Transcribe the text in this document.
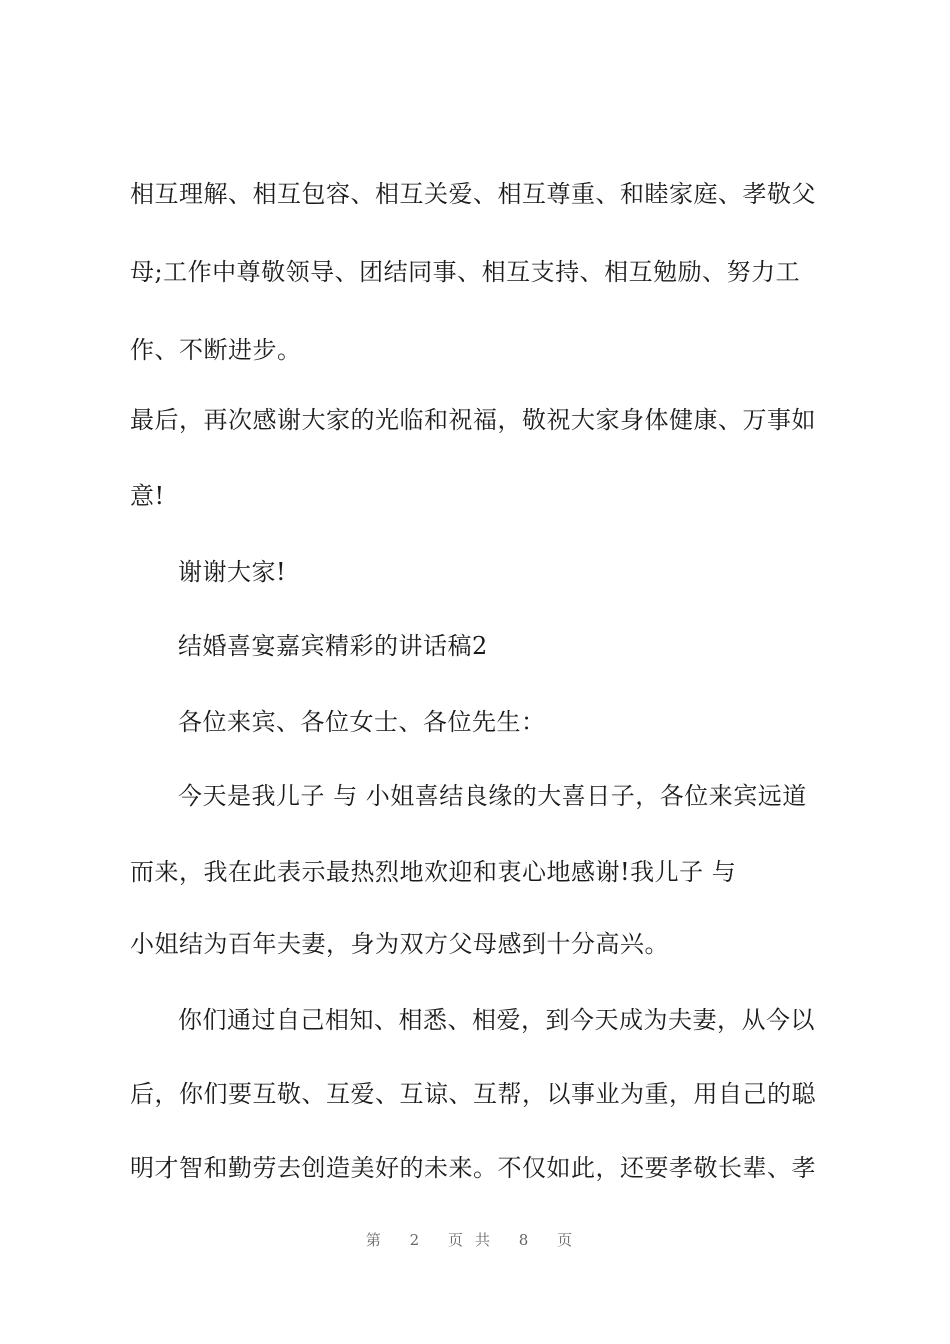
相互理解、相互包容、相互关爱、相互尊重、和睦家庭、孝敬父
母;工作中尊敬领导、团结同事、相互支持、相互勉励、努力工
作、不断进步。
最后，再次感谢大家的光临和祝福，敬祝大家身体健康、万事如
意!
谢谢大家!
结婚喜宴嘉宾精彩的讲话稿2
各位来宾、各位女士、各位先生：
今天是我儿子 与 小姐喜结良缘的大喜日子，各位来宾远道
而来，我在此表示最热烈地欢迎和衷心地感谢!我儿子 与
小姐结为百年夫妻，身为双方父母感到十分高兴。
你们通过自己相知、相悉、相爱，到今天成为夫妻，从今以
后，你们要互敬、互爱、互谅、互帮，以事业为重，用自己的聪
明才智和勤劳去创造美好的未来。不仅如此，还要孝敬长辈、孝
第 2 页共 8 页
